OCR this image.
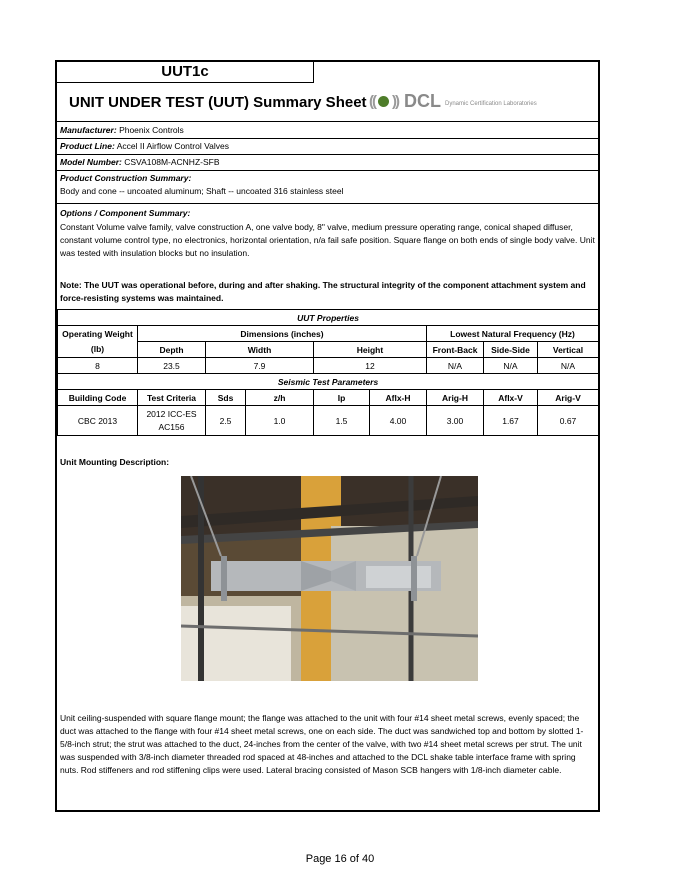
UUT1c
UNIT UNDER TEST (UUT) Summary Sheet (( )) DCL Dynamic Certification Laboratories
Manufacturer: Phoenix Controls
Product Line: Accel II Airflow Control Valves
Model Number: CSVA108M-ACNHZ-SFB
Product Construction Summary:
Body and cone -- uncoated aluminum; Shaft -- uncoated 316 stainless steel
Options / Component Summary:
Constant Volume valve family, valve construction A, one valve body, 8" valve, medium pressure operating range, conical shaped diffuser, constant volume control type, no electronics, horizontal orientation, n/a fail safe position. Square flange on both ends of single body valve. Unit was tested with insulation blocks but no insulation.
Note: The UUT was operational before, during and after shaking. The structural integrity of the component attachment system and force-resisting systems was maintained.
UUT Properties								
Operating Weight	Dimensions (inches)					Lowest Natural Frequency (Hz)		
(lb)	Depth	Width		Height		Front-Back	Side-Side	Vertical
8	23.5	7.9		12		N/A	N/A	N/A
Seismic Test Parameters								
Building Code	Test Criteria	Sds	z/h	Ip	Aflx-H	Arig-H	Aflx-V	Arig-V
CBC 2013	2012 ICC-ES AC156	2.5	1.0	1.5	4.00	3.00	1.67	0.67
Unit Mounting Description:
Unit ceiling-suspended with square flange mount; the flange was attached to the unit with four #14 sheet metal screws, evenly spaced; the duct was attached to the flange with four #14 sheet metal screws, one on each side. The duct was sandwiched top and bottom by slotted 1-5/8-inch strut; the strut was attached to the duct, 24-inches from the center of the valve, with two #14 sheet metal screws per strut. The unit was suspended with 3/8-inch diameter threaded rod spaced at 48-inches and attached to the DCL shake table interface frame with spring nuts. Rod stiffeners and rod stiffening clips were used. Lateral bracing consisted of Mason SCB hangers with 1/8-inch diameter cable.
Page 16 of 40
